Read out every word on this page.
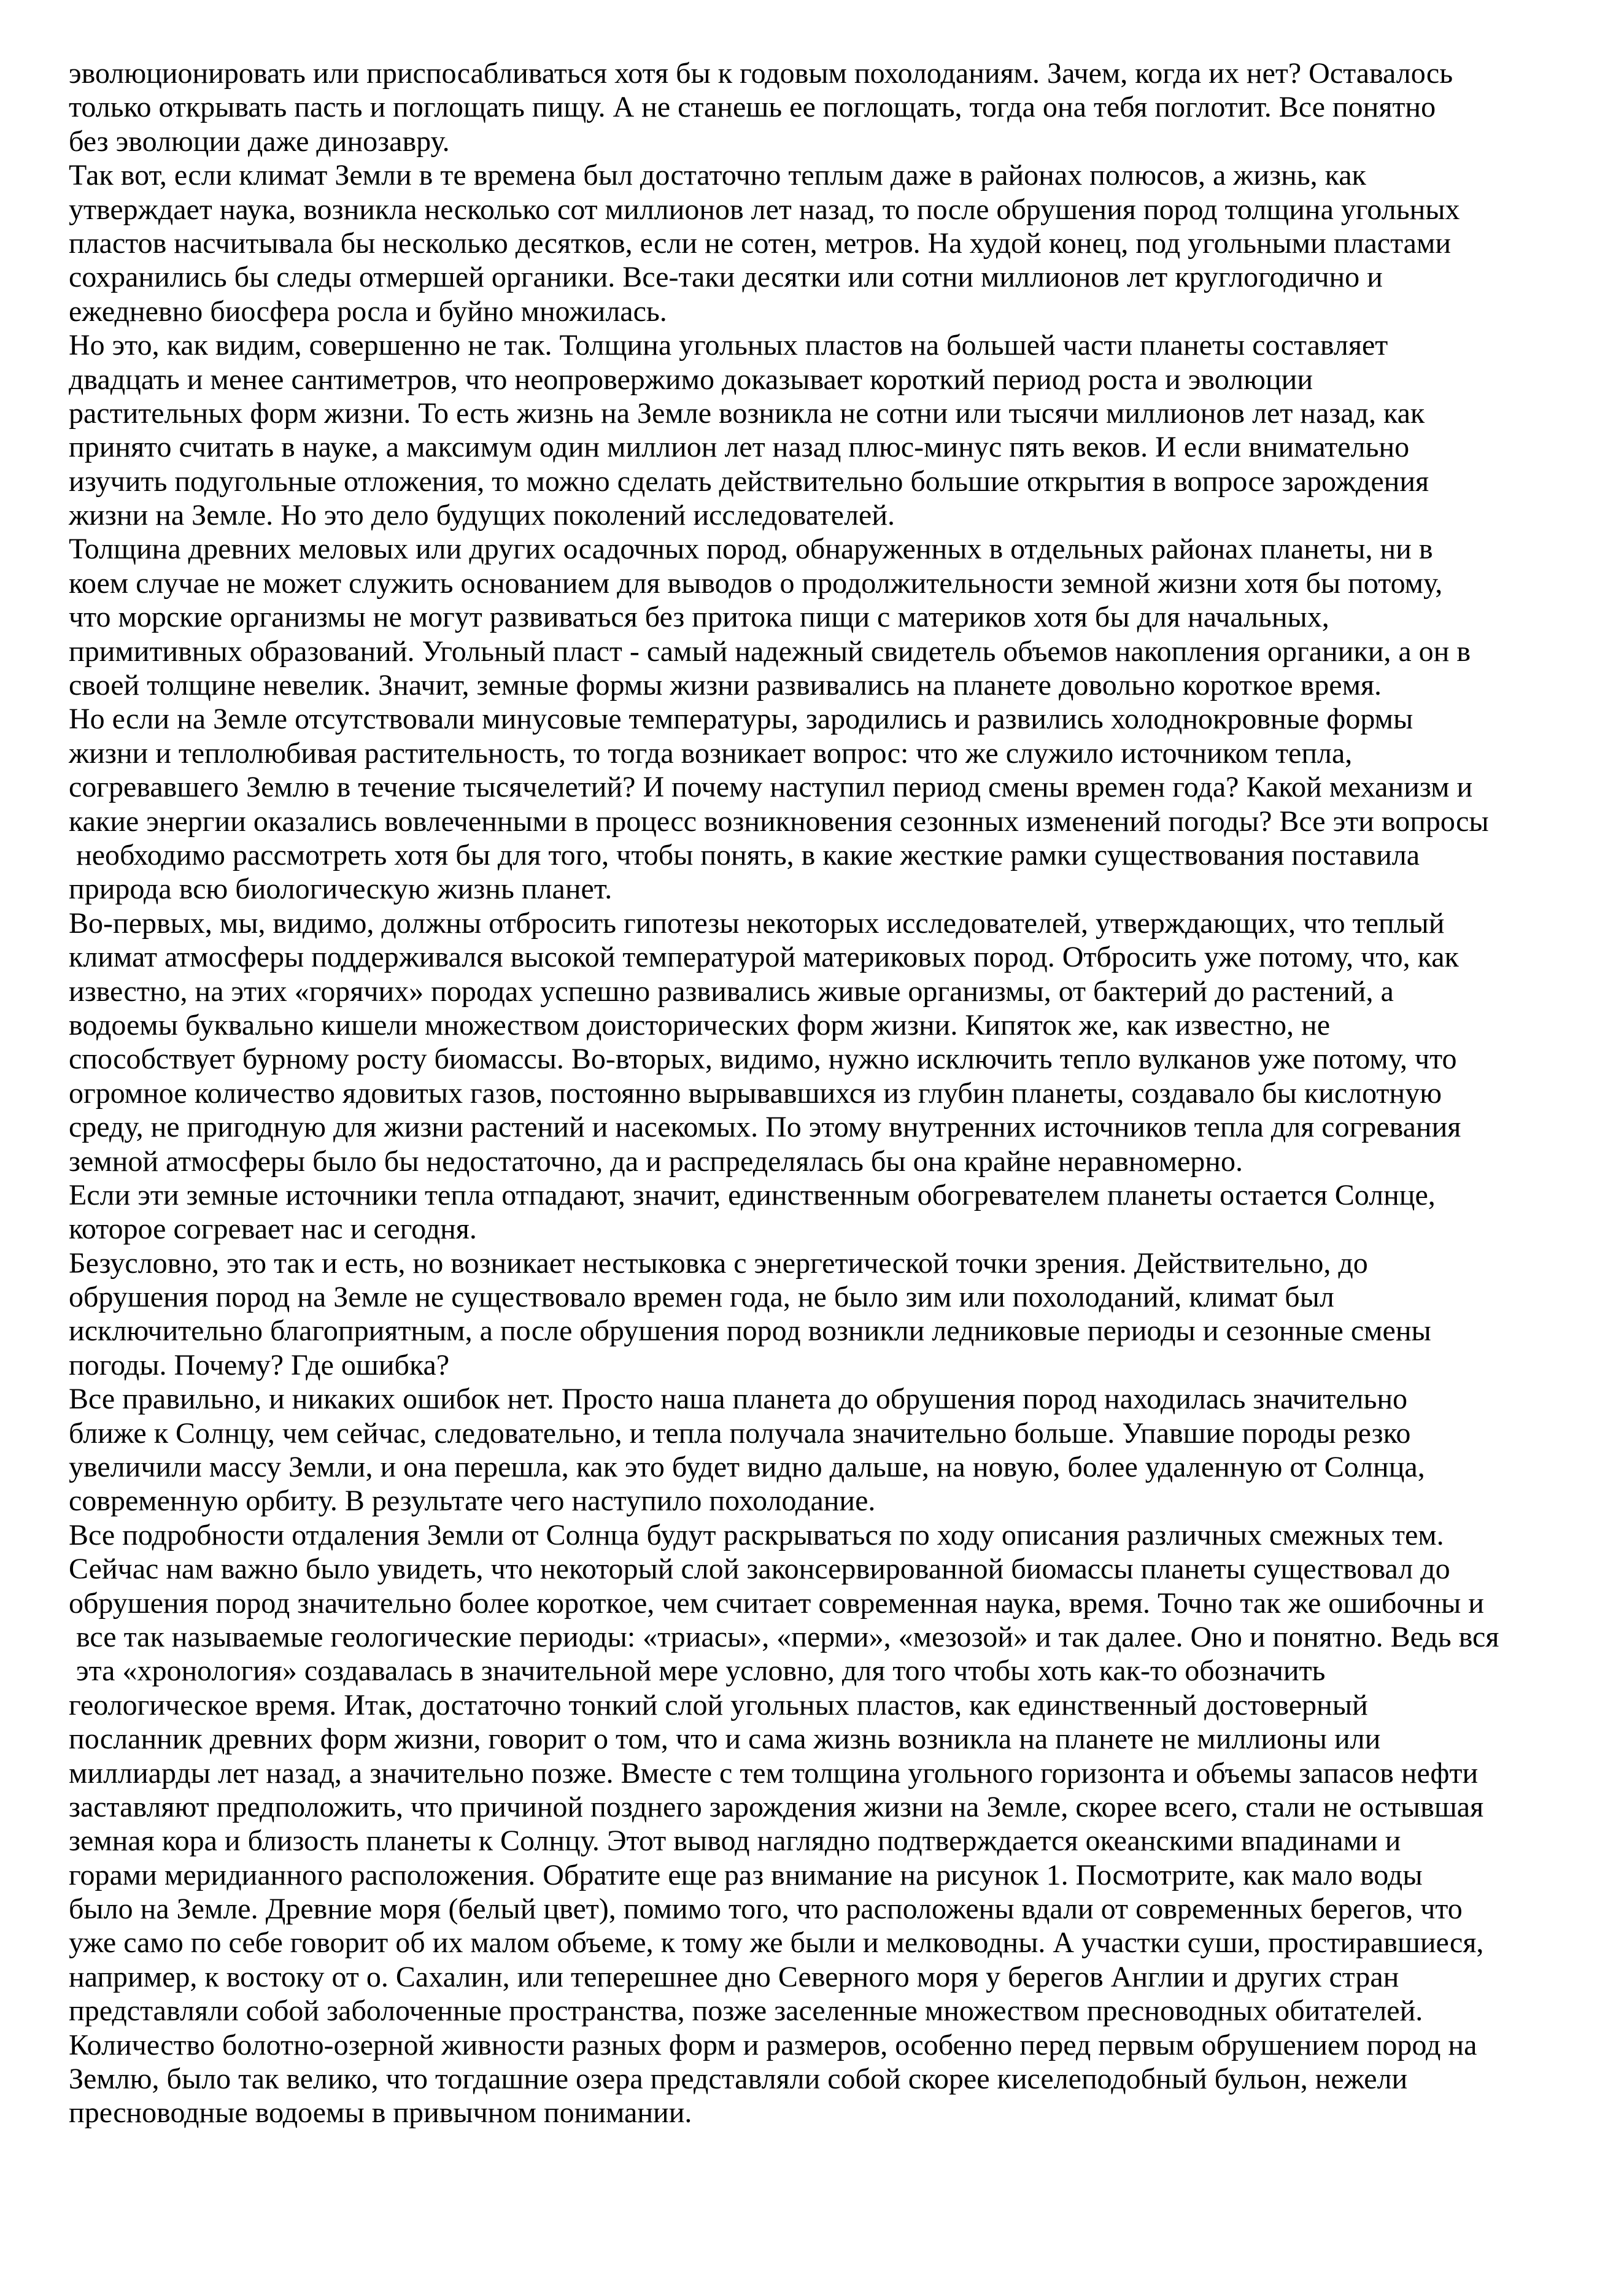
эволюционировать или приспосабливаться хотя бы к годовым похолоданиям. Зачем, когда их нет? Оставалось
только открывать пасть и поглощать пищу. А не станешь ее поглощать, тогда она тебя поглотит. Все понятно
без эволюции даже динозавру.
Так вот, если климат Земли в те времена был достаточно теплым даже в районах полюсов, а жизнь, как
утверждает наука, возникла несколько сот миллионов лет назад, то после обрушения пород толщина угольных
пластов насчитывала бы несколько десятков, если не сотен, метров. На худой конец, под угольными пластами
сохранились бы следы отмершей органики. Все-таки десятки или сотни миллионов лет круглогодично и
ежедневно биосфера росла и буйно множилась.
Но это, как видим, совершенно не так. Толщина угольных пластов на большей части планеты составляет
двадцать и менее сантиметров, что неопровержимо доказывает короткий период роста и эволюции
растительных форм жизни. То есть жизнь на Земле возникла не сотни или тысячи миллионов лет назад, как
принято считать в науке, а максимум один миллион лет назад плюс-минус пять веков. И если внимательно
изучить подугольные отложения, то можно сделать действительно большие открытия в вопросе зарождения
жизни на Земле. Но это дело будущих поколений исследователей.
Толщина древних меловых или других осадочных пород, обнаруженных в отдельных районах планеты, ни в
коем случае не может служить основанием для выводов о продолжительности земной жизни хотя бы потому,
что морские организмы не могут развиваться без притока пищи с материков хотя бы для начальных,
примитивных образований. Угольный пласт - самый надежный свидетель объемов накопления органики, а он в
своей толщине невелик. Значит, земные формы жизни развивались на планете довольно короткое время.
Но если на Земле отсутствовали минусовые температуры, зародились и развились холоднокровные формы
жизни и теплолюбивая растительность, то тогда возникает вопрос: что же служило источником тепла,
согревавшего Землю в течение тысячелетий? И почему наступил период смены времен года? Какой механизм и
какие энергии оказались вовлеченными в процесс возникновения сезонных изменений погоды? Все эти вопросы
необходимо рассмотреть хотя бы для того, чтобы понять, в какие жесткие рамки существования поставила
природа всю биологическую жизнь планет.
Во-первых, мы, видимо, должны отбросить гипотезы некоторых исследователей, утверждающих, что теплый
климат атмосферы поддерживался высокой температурой материковых пород. Отбросить уже потому, что, как
известно, на этих «горячих» породах успешно развивались живые организмы, от бактерий до растений, а
водоемы буквально кишели множеством доисторических форм жизни. Кипяток же, как известно, не
способствует бурному росту биомассы. Во-вторых, видимо, нужно исключить тепло вулканов уже потому, что
огромное количество ядовитых газов, постоянно вырывавшихся из глубин планеты, создавало бы кислотную
среду, не пригодную для жизни растений и насекомых. По этому внутренних источников тепла для согревания
земной атмосферы было бы недостаточно, да и распределялась бы она крайне неравномерно.
Если эти земные источники тепла отпадают, значит, единственным обогревателем планеты остается Солнце,
которое согревает нас и сегодня.
Безусловно, это так и есть, но возникает нестыковка с энергетической точки зрения. Действительно, до
обрушения пород на Земле не существовало времен года, не было зим или похолоданий, климат был
исключительно благоприятным, а после обрушения пород возникли ледниковые периоды и сезонные смены
погоды. Почему? Где ошибка?
Все правильно, и никаких ошибок нет. Просто наша планета до обрушения пород находилась значительно
ближе к Солнцу, чем сейчас, следовательно, и тепла получала значительно больше. Упавшие породы резко
увеличили массу Земли, и она перешла, как это будет видно дальше, на новую, более удаленную от Солнца,
современную орбиту. В результате чего наступило похолодание.
Все подробности отдаления Земли от Солнца будут раскрываться по ходу описания различных смежных тем.
Сейчас нам важно было увидеть, что некоторый слой законсервированной биомассы планеты существовал до
обрушения пород значительно более короткое, чем считает современная наука, время. Точно так же ошибочны и
все так называемые геологические периоды: «триасы», «перми», «мезозой» и так далее. Оно и понятно. Ведь вся
эта «хронология» создавалась в значительной мере условно, для того чтобы хоть как-то обозначить
геологическое время. Итак, достаточно тонкий слой угольных пластов, как единственный достоверный
посланник древних форм жизни, говорит о том, что и сама жизнь возникла на планете не миллионы или
миллиарды лет назад, а значительно позже. Вместе с тем толщина угольного горизонта и объемы запасов нефти
заставляют предположить, что причиной позднего зарождения жизни на Земле, скорее всего, стали не остывшая
земная кора и близость планеты к Солнцу. Этот вывод наглядно подтверждается океанскими впадинами и
горами меридианного расположения. Обратите еще раз внимание на рисунок 1. Посмотрите, как мало воды
было на Земле. Древние моря (белый цвет), помимо того, что расположены вдали от современных берегов, что
уже само по себе говорит об их малом объеме, к тому же были и мелководны. А участки суши, простиравшиеся,
например, к востоку от о. Сахалин, или теперешнее дно Северного моря у берегов Англии и других стран
представляли собой заболоченные пространства, позже заселенные множеством пресноводных обитателей.
Количество болотно-озерной живности разных форм и размеров, особенно перед первым обрушением пород на
Землю, было так велико, что тогдашние озера представляли собой скорее киселеподобный бульон, нежели
пресноводные водоемы в привычном понимании.
